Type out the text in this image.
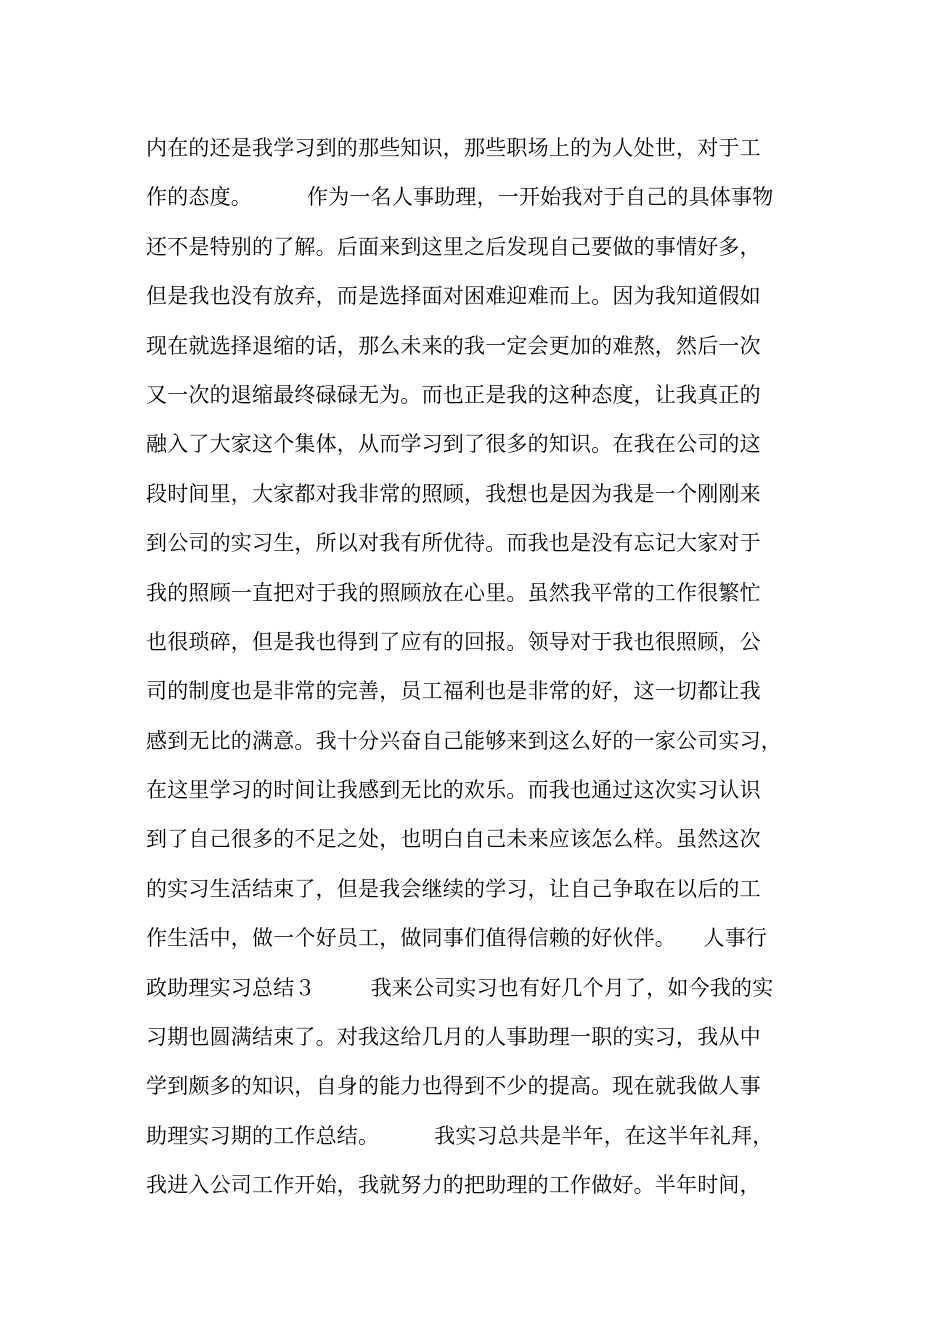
内在的还是我学习到的那些知识，那些职场上的为人处世，对于工
作的态度。        作为一名人事助理，一开始我对于自己的具体事物
还不是特别的了解。后面来到这里之后发现自己要做的事情好多，
但是我也没有放弃，而是选择面对困难迎难而上。因为我知道假如
现在就选择退缩的话，那么未来的我一定会更加的难熬，然后一次
又一次的退缩最终碌碌无为。而也正是我的这种态度，让我真正的
融入了大家这个集体，从而学习到了很多的知识。在我在公司的这
段时间里，大家都对我非常的照顾，我想也是因为我是一个刚刚来
到公司的实习生，所以对我有所优待。而我也是没有忘记大家对于
我的照顾一直把对于我的照顾放在心里。虽然我平常的工作很繁忙
也很琐碎，但是我也得到了应有的回报。领导对于我也很照顾，公
司的制度也是非常的完善，员工福利也是非常的好，这一切都让我
感到无比的满意。我十分兴奋自己能够来到这么好的一家公司实习，
在这里学习的时间让我感到无比的欢乐。而我也通过这次实习认识
到了自己很多的不足之处，也明白自己未来应该怎么样。虽然这次
的实习生活结束了，但是我会继续的学习，让自己争取在以后的工
作生活中，做一个好员工，做同事们值得信赖的好伙伴。    人事行
政助理实习总结３        我来公司实习也有好几个月了，如今我的实
习期也圆满结束了。对我这给几月的人事助理一职的实习，我从中
学到颇多的知识，自身的能力也得到不少的提高。现在就我做人事
助理实习期的工作总结。        我实习总共是半年，在这半年礼拜，
我进入公司工作开始，我就努力的把助理的工作做好。半年时间，
